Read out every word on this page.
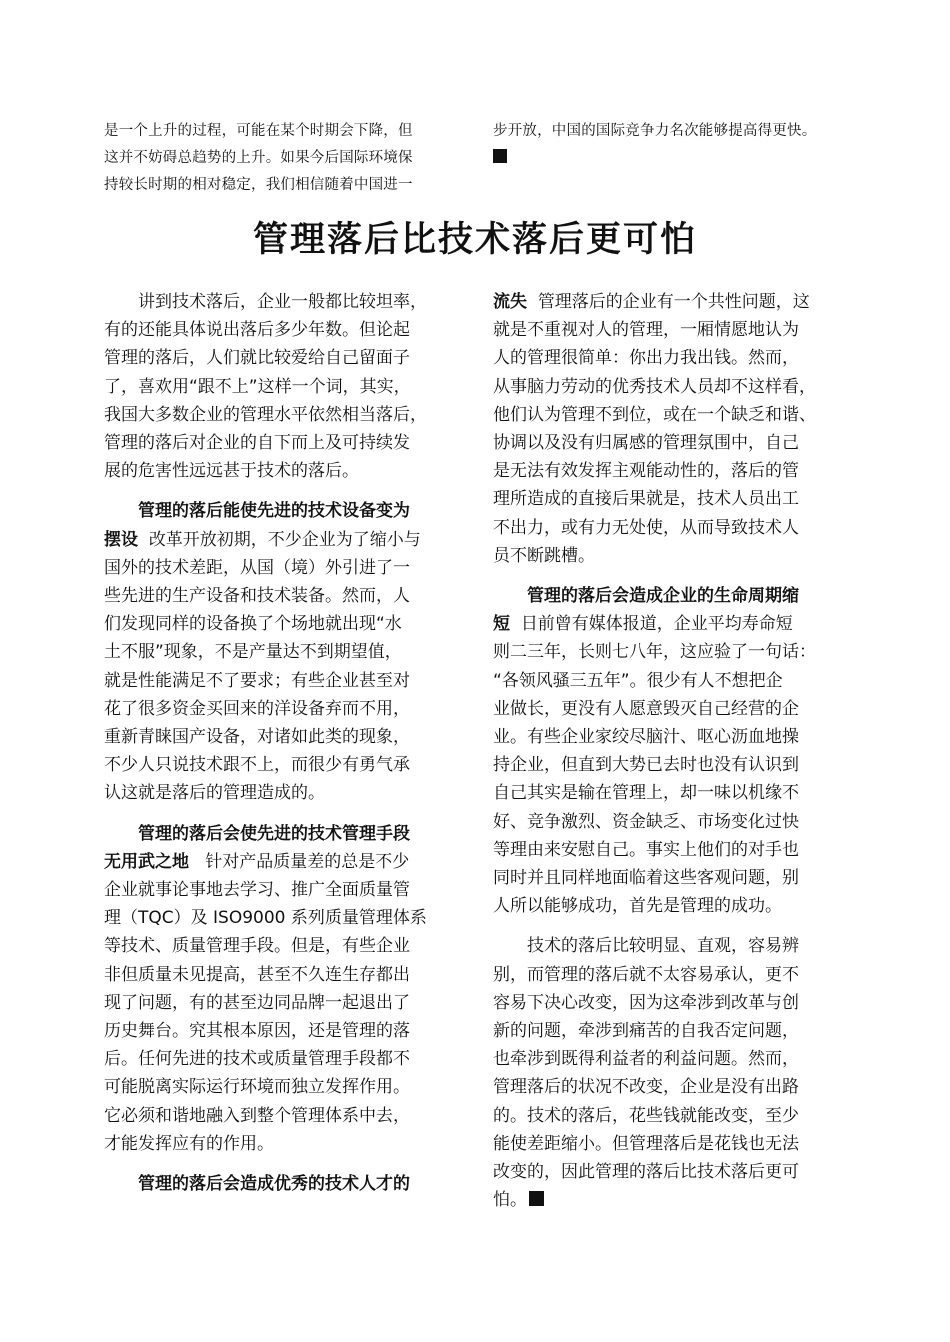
是一个上升的过程，可能在某个时期会下降，但
这并不妨碍总趋势的上升。如果今后国际环境保
持较长时期的相对稳定，我们相信随着中国进一
步开放，中国的国际竞争力名次能够提高得更快。
管理落后比技术落后更可怕
讲到技术落后，企业一般都比较坦率，
有的还能具体说出落后多少年数。但论起
管理的落后，人们就比较爱给自己留面子
了，喜欢用“跟不上”这样一个词，其实，
我国大多数企业的管理水平依然相当落后，
管理的落后对企业的自下而上及可持续发
展的危害性远远甚于技术的落后。
管理的落后能使先进的技术设备变为
摆设 改革开放初期，不少企业为了缩小与
国外的技术差距，从国（境）外引进了一
些先进的生产设备和技术装备。然而，人
们发现同样的设备换了个场地就出现“水
土不服”现象，不是产量达不到期望值，
就是性能满足不了要求；有些企业甚至对
花了很多资金买回来的洋设备弃而不用，
重新青睐国产设备，对诸如此类的现象，
不少人只说技术跟不上，而很少有勇气承
认这就是落后的管理造成的。
管理的落后会使先进的技术管理手段
无用武之地 针对产品质量差的总是不少
企业就事论事地去学习、推广全面质量管
理（TQC）及 ISO9000 系列质量管理体系
等技术、质量管理手段。但是，有些企业
非但质量未见提高，甚至不久连生存都出
现了问题，有的甚至边同品牌一起退出了
历史舞台。究其根本原因，还是管理的落
后。任何先进的技术或质量管理手段都不
可能脱离实际运行环境而独立发挥作用。
它必须和谐地融入到整个管理体系中去，
才能发挥应有的作用。
管理的落后会造成优秀的技术人才的
流失 管理落后的企业有一个共性问题，这
就是不重视对人的管理，一厢情愿地认为
人的管理很简单：你出力我出钱。然而，
从事脑力劳动的优秀技术人员却不这样看，
他们认为管理不到位，或在一个缺乏和谐、
协调以及没有归属感的管理氛围中，自己
是无法有效发挥主观能动性的，落后的管
理所造成的直接后果就是，技术人员出工
不出力，或有力无处使，从而导致技术人
员不断跳槽。
管理的落后会造成企业的生命周期缩
短 日前曾有媒体报道，企业平均寿命短
则二三年，长则七八年，这应验了一句话：
“各领风骚三五年”。很少有人不想把企
业做长，更没有人愿意毁灭自己经营的企
业。有些企业家绞尽脑汁、呕心沥血地操
持企业，但直到大势已去时也没有认识到
自己其实是输在管理上，却一味以机缘不
好、竞争激烈、资金缺乏、市场变化过快
等理由来安慰自己。事实上他们的对手也
同时并且同样地面临着这些客观问题，别
人所以能够成功，首先是管理的成功。
技术的落后比较明显、直观，容易辨
别，而管理的落后就不太容易承认，更不
容易下决心改变，因为这牵涉到改革与创
新的问题，牵涉到痛苦的自我否定问题，
也牵涉到既得利益者的利益问题。然而，
管理落后的状况不改变，企业是没有出路
的。技术的落后，花些钱就能改变，至少
能使差距缩小。但管理落后是花钱也无法
改变的，因此管理的落后比技术落后更可
怕。
